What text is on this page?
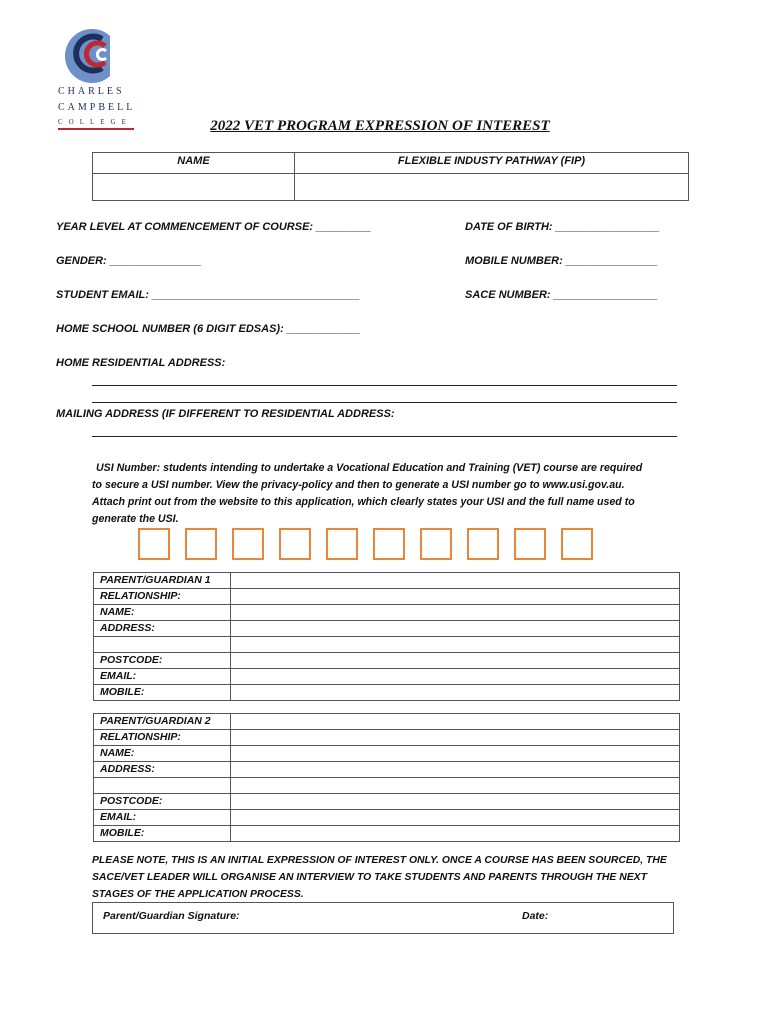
CHARLES
CAMPBELL
COLLEGE	2022 VET PROGRAM EXPRESSION OF INTEREST
NAME	FLEXIBLE INDUSTY PATHWAY (FIP)

YEAR LEVEL AT COMMENCEMENT OF COURSE: _________	DATE OF BIRTH: _________________
GENDER: _______________	MOBILE NUMBER: _______________
STUDENT EMAIL: __________________________________	SACE NUMBER: _________________
HOME SCHOOL NUMBER (6 DIGIT EDSAS): ____________
HOME RESIDENTIAL ADDRESS:
MAILING ADDRESS (IF DIFFERENT TO RESIDENTIAL ADDRESS:
USI Number: students intending to undertake a Vocational Education and Training (VET) course are required
to secure a USI number. View the privacy-policy and then to generate a USI number go to www.usi.gov.au.
Attach print out from the website to this application, which clearly states your USI and the full name used to
generate the USI.
PARENT/GUARDIAN 1	
RELATIONSHIP:	
NAME:	
ADDRESS:	

POSTCODE:	
EMAIL:	
MOBILE:	
PARENT/GUARDIAN 2	
RELATIONSHIP:	
NAME:	
ADDRESS:	

POSTCODE:	
EMAIL:	
MOBILE:	
PLEASE NOTE, THIS IS AN INITIAL EXPRESSION OF INTEREST ONLY. ONCE A COURSE HAS BEEN SOURCED, THE
SACE/VET LEADER WILL ORGANISE AN INTERVIEW TO TAKE STUDENTS AND PARENTS THROUGH THE NEXT
STAGES OF THE APPLICATION PROCESS.
Parent/Guardian Signature:	Date:
